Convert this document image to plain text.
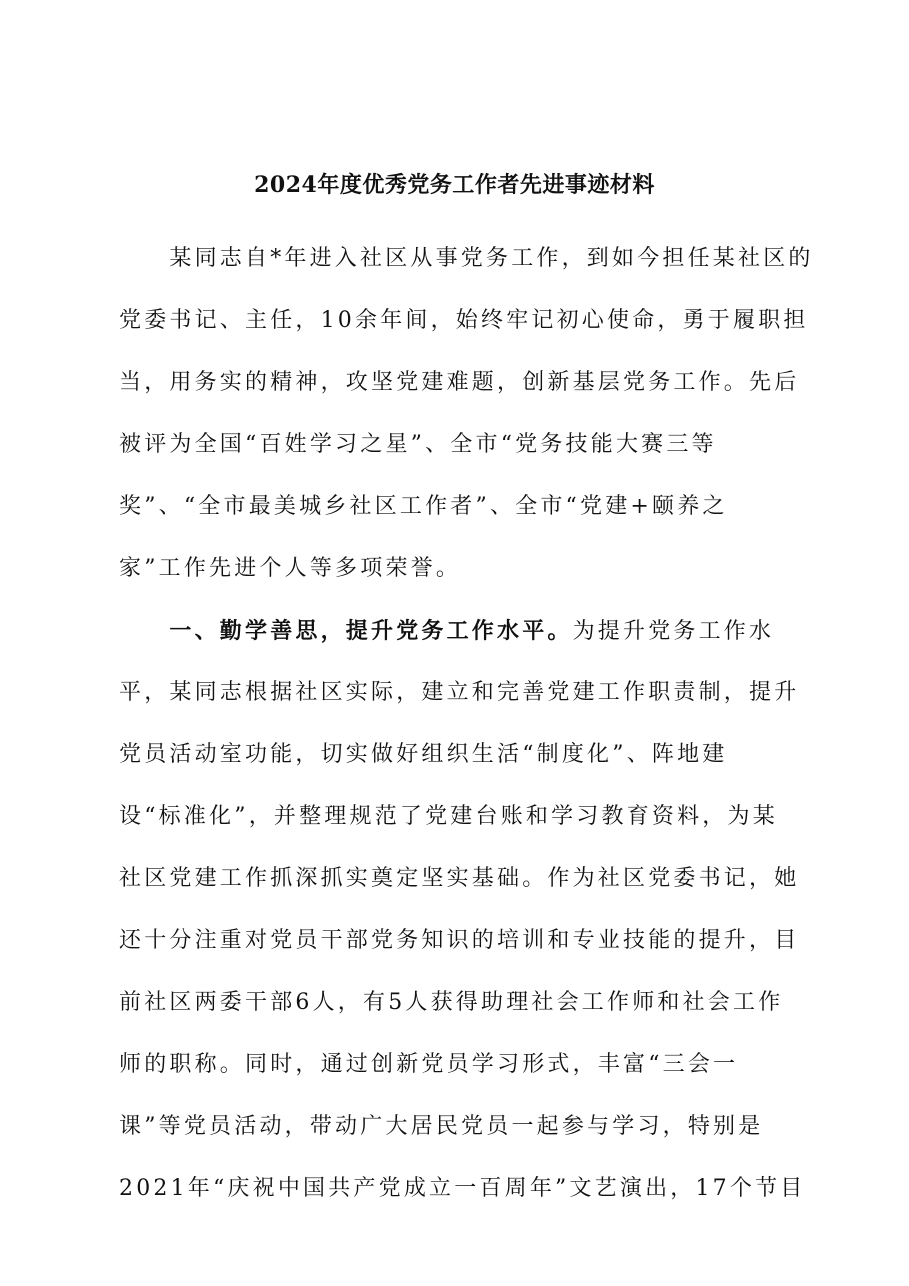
2024年度优秀党务工作者先进事迹材料
　　某同志自*年进入社区从事党务工作，到如今担任某社区的
党委书记、主任，10余年间，始终牢记初心使命，勇于履职担
当，用务实的精神，攻坚党建难题，创新基层党务工作。先后
被评为全国“百姓学习之星”、全市“党务技能大赛三等
奖”、“全市最美城乡社区工作者”、全市“党建+颐养之
家”工作先进个人等多项荣誉。
　　一、勤学善思，提升党务工作水平。为提升党务工作水
平，某同志根据社区实际，建立和完善党建工作职责制，提升
党员活动室功能，切实做好组织生活“制度化”、阵地建
设“标准化”，并整理规范了党建台账和学习教育资料，为某
社区党建工作抓深抓实奠定坚实基础。作为社区党委书记，她
还十分注重对党员干部党务知识的培训和专业技能的提升，目
前社区两委干部6人，有5人获得助理社会工作师和社会工作
师的职称。同时，通过创新党员学习形式，丰富“三会一
课”等党员活动，带动广大居民党员一起参与学习，特别是
2021年“庆祝中国共产党成立一百周年”文艺演出，17个节目
